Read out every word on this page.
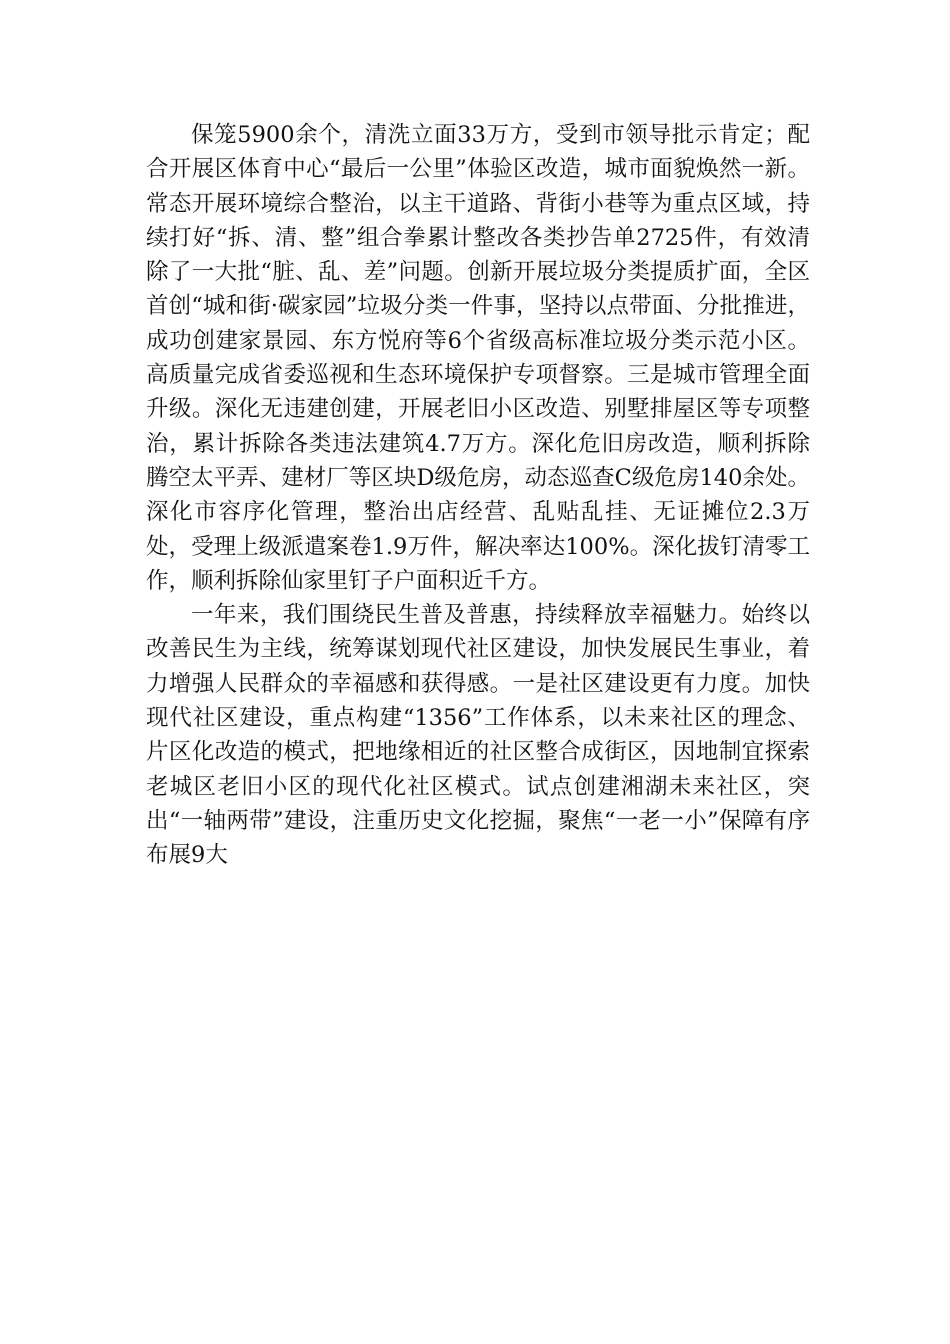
保笼5900余个，清洗立面33万方，受到市领导批示肯定；配合开展区体育中心“最后一公里”体验区改造，城市面貌焕然一新。常态开展环境综合整治，以主干道路、背街小巷等为重点区域，持续打好“拆、清、整”组合拳累计整改各类抄告单2725件，有效清除了一大批“脏、乱、差”问题。创新开展垃圾分类提质扩面，全区首创“城和街·碳家园”垃圾分类一件事，坚持以点带面、分批推进，成功创建家景园、东方悦府等6个省级高标准垃圾分类示范小区。高质量完成省委巡视和生态环境保护专项督察。三是城市管理全面升级。深化无违建创建，开展老旧小区改造、别墅排屋区等专项整治，累计拆除各类违法建筑4.7万方。深化危旧房改造，顺利拆除腾空太平弄、建材厂等区块D级危房，动态巡查C级危房140余处。深化市容序化管理，整治出店经营、乱贴乱挂、无证摊位2.3万处，受理上级派遣案卷1.9万件，解决率达100%。深化拔钉清零工作，顺利拆除仙家里钉子户面积近千方。

一年来，我们围绕民生普及普惠，持续释放幸福魅力。始终以改善民生为主线，统筹谋划现代社区建设，加快发展民生事业，着力增强人民群众的幸福感和获得感。一是社区建设更有力度。加快现代社区建设，重点构建“1356”工作体系，以未来社区的理念、片区化改造的模式，把地缘相近的社区整合成街区，因地制宜探索老城区老旧小区的现代化社区模式。试点创建湘湖未来社区，突出“一轴两带”建设，注重历史文化挖掘，聚焦“一老一小”保障有序布展9大
